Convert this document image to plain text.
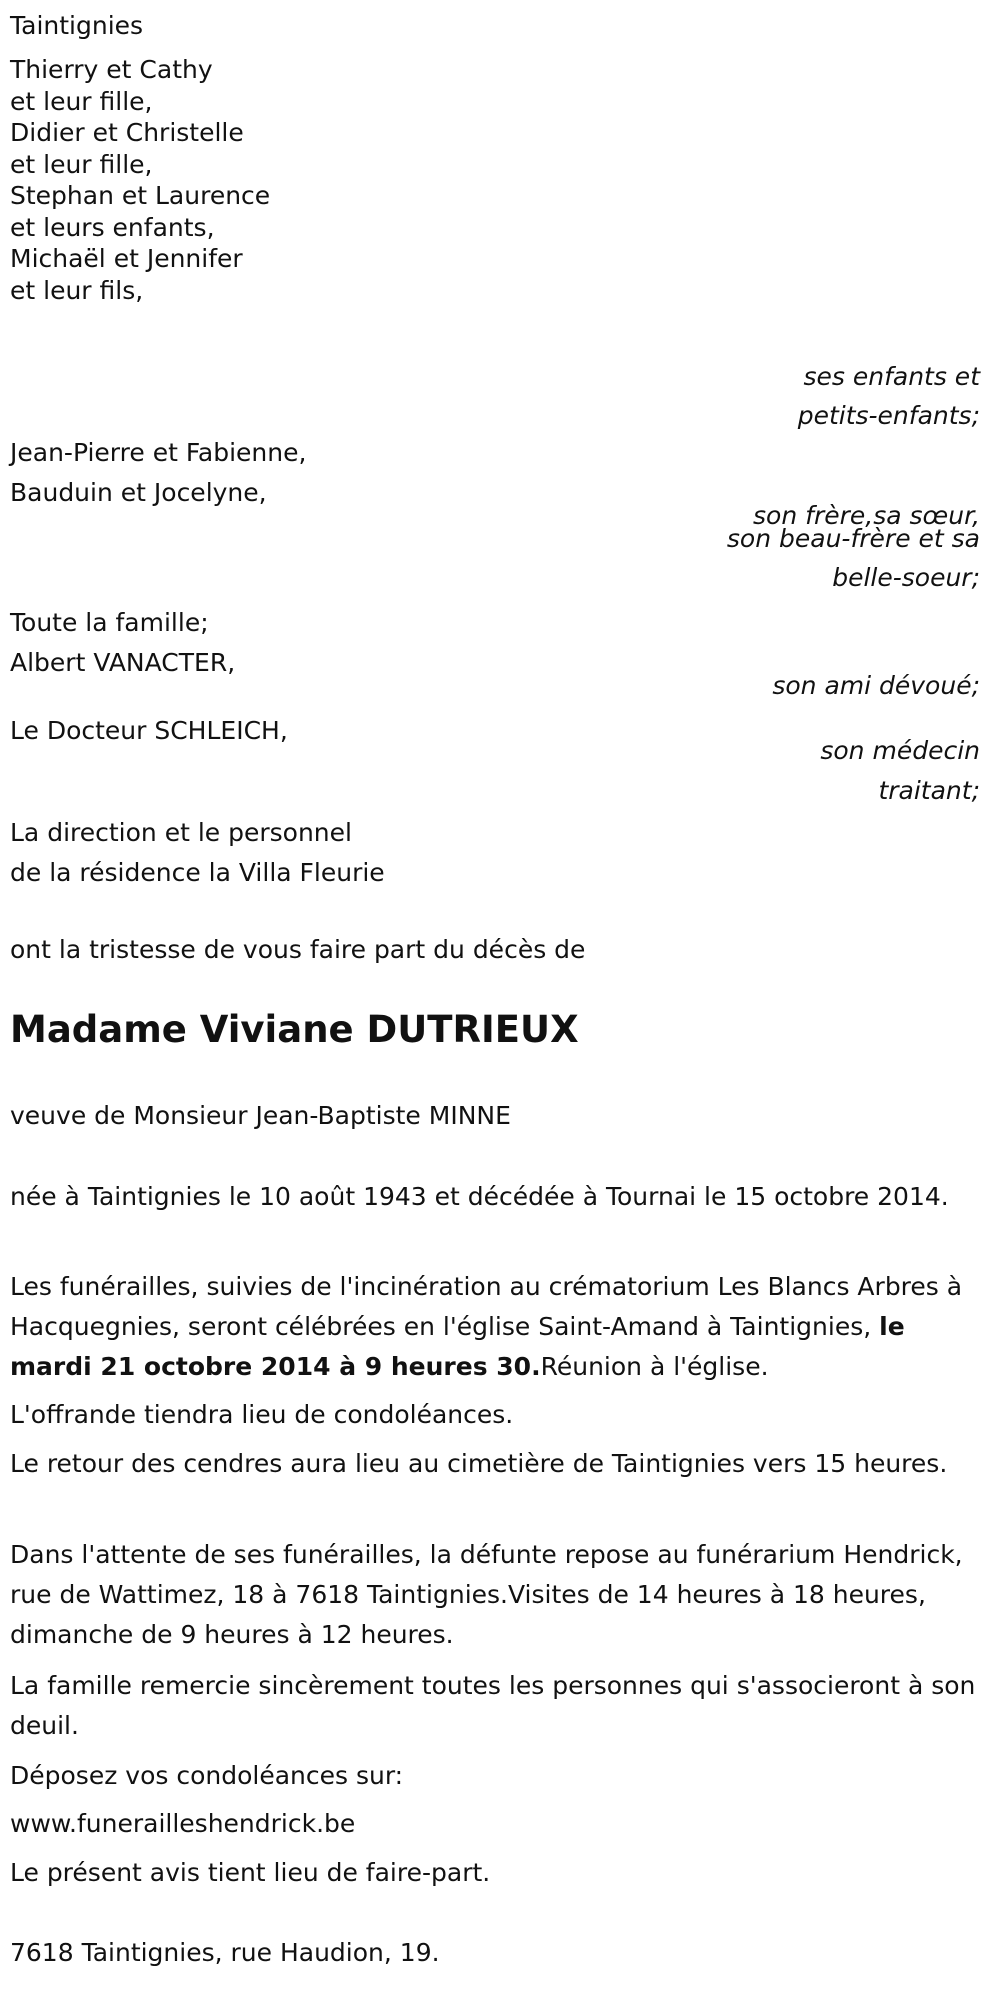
Taintignies
Thierry et Cathy
et leur fille,
Didier et Christelle
et leur fille,
Stephan et Laurence
et leurs enfants,
Michaël et Jennifer
et leur fils,
ses enfants et
petits-enfants;
Jean-Pierre et Fabienne,
Bauduin et Jocelyne,
son frère,sa sœur,
son beau-frère et sa
belle-soeur;
Toute la famille;
Albert VANACTER,
son ami dévoué;
Le Docteur SCHLEICH,
son médecin
traitant;
La direction et le personnel
de la résidence la Villa Fleurie
ont la tristesse de vous faire part du décès de
Madame Viviane DUTRIEUX
veuve de Monsieur Jean-Baptiste MINNE
née à Taintignies le 10 août 1943 et décédée à Tournai le 15 octobre 2014.
Les funérailles, suivies de l'incinération au crématorium Les Blancs Arbres à Hacquegnies, seront célébrées en l'église Saint-Amand à Taintignies, le mardi 21 octobre 2014 à 9 heures 30.Réunion à l'église.
L'offrande tiendra lieu de condoléances.
Le retour des cendres aura lieu au cimetière de Taintignies vers 15 heures.
Dans l'attente de ses funérailles, la défunte repose au funérarium Hendrick, rue de Wattimez, 18 à 7618 Taintignies.Visites de 14 heures à 18 heures, dimanche de 9 heures à 12 heures.
La famille remercie sincèrement toutes les personnes qui s'associeront à son deuil.
Déposez vos condoléances sur:
www.funerailleshendrick.be
Le présent avis tient lieu de faire-part.
7618 Taintignies, rue Haudion, 19.
